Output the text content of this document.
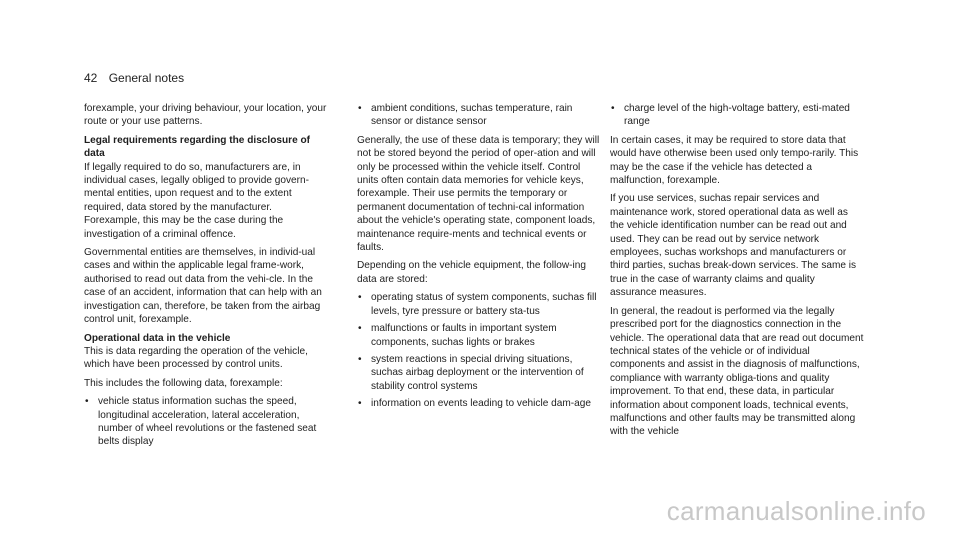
42 General notes

forexample, your driving behaviour, your location, your route or your use patterns.

Legal requirements regarding the disclosure of data

If legally required to do so, manufacturers are, in individual cases, legally obliged to provide govern-mental entities, upon request and to the extent required, data stored by the manufacturer. Forexample, this may be the case during the investigation of a criminal offence.

Governmental entities are themselves, in individ-ual cases and within the applicable legal frame-work, authorised to read out data from the vehi-cle. In the case of an accident, information that can help with an investigation can, therefore, be taken from the airbag control unit, forexample.

Operational data in the vehicle

This is data regarding the operation of the vehicle, which have been processed by control units.

This includes the following data, forexample:

• vehicle status information suchas the speed, longitudinal acceleration, lateral acceleration, number of wheel revolutions or the fastened seat belts display
• ambient conditions, suchas temperature, rain sensor or distance sensor

Generally, the use of these data is temporary; they will not be stored beyond the period of oper-ation and will only be processed within the vehicle itself. Control units often contain data memories for vehicle keys, forexample. Their use permits the temporary or permanent documentation of techni-cal information about the vehicle's operating state, component loads, maintenance require-ments and technical events or faults.

Depending on the vehicle equipment, the follow-ing data are stored:

• operating status of system components, suchas fill levels, tyre pressure or battery sta-tus
• malfunctions or faults in important system components, suchas lights or brakes
• system reactions in special driving situations, suchas airbag deployment or the intervention of stability control systems
• information on events leading to vehicle dam-age
• charge level of the high-voltage battery, esti-mated range

In certain cases, it may be required to store data that would have otherwise been used only tempo-rarily. This may be the case if the vehicle has detected a malfunction, forexample.

If you use services, suchas repair services and maintenance work, stored operational data as well as the vehicle identification number can be read out and used. They can be read out by service network employees, suchas workshops and manufacturers or third parties, suchas break-down services. The same is true in the case of warranty claims and quality assurance measures.

In general, the readout is performed via the legally prescribed port for the diagnostics connection in the vehicle. The operational data that are read out document technical states of the vehicle or of individual components and assist in the diagnosis of malfunctions, compliance with warranty obliga-tions and quality improvement. To that end, these data, in particular information about component loads, technical events, malfunctions and other faults may be transmitted along with the vehicle

carmanualsonline.info
